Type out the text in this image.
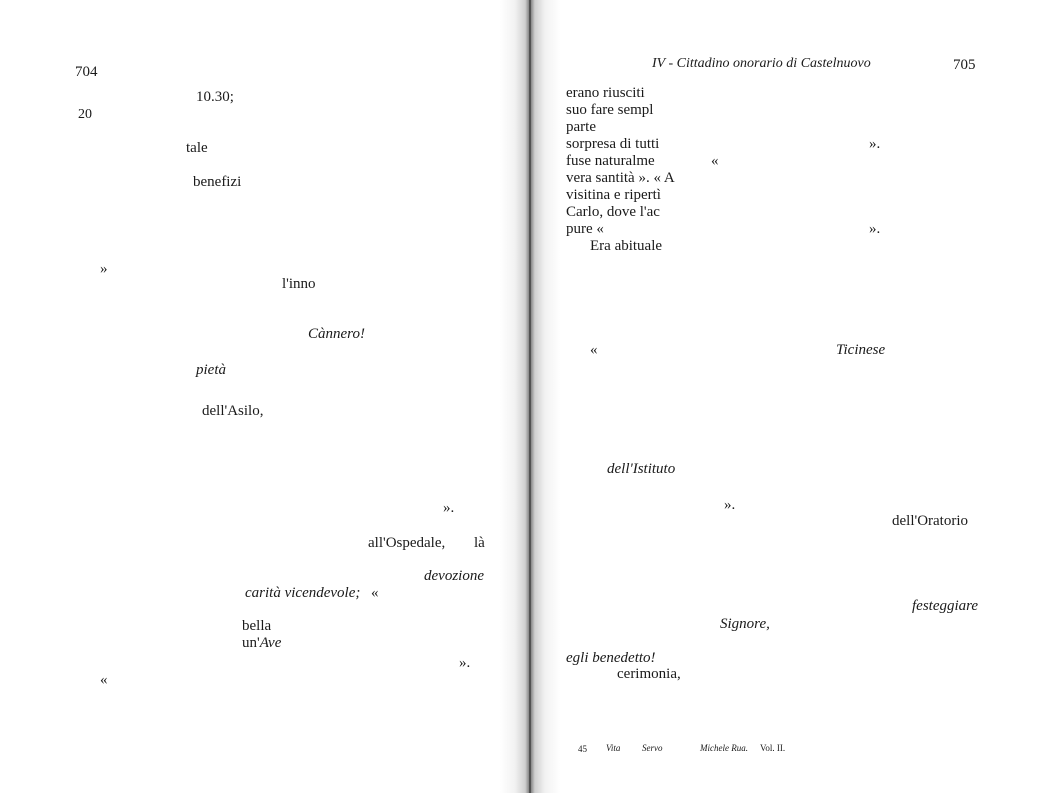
704
20
10.30;
tale
benefizi
»
l'inno
Cànnero!
pietà
dell'Asilo,
».
all'Ospedale, là
devozione
carità vicendevole; «
bella
un'Ave
».
«
IV - Cittadino onorario di Castelnuovo	705
erano riusciti
suo fare sempl
parte
sorpresa di tutti
fuse naturalme
vera santità ». « A
visitina e ripertì
Carlo, dove l'ac
pure «
Era abituale
».
«
».
«	Ticinese
dell'Istituto
».
dell'Oratorio
festeggiare
Signore,
egli benedetto!
cerimonia,
45 Vita Servo	Michele Rua. Vol. II.
